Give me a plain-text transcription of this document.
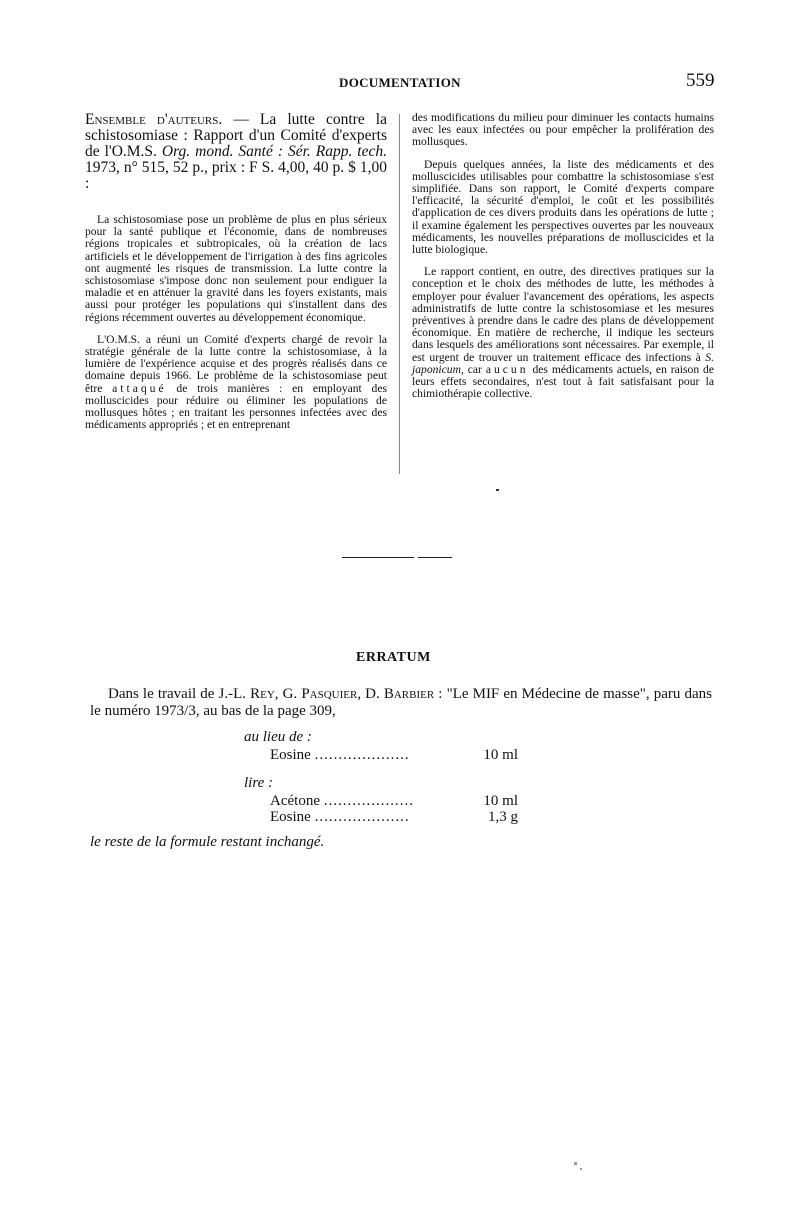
DOCUMENTATION	559

Ensemble d'auteurs. — La lutte contre la schistosomiase : Rapport d'un Comité d'experts de l'O.M.S. Org. mond. Santé : Sér. Rapp. tech. 1973, n° 515, 52 p., prix : F S. 4,00, 40 p. $ 1,00 :

La schistosomiase pose un problème de plus en plus sérieux pour la santé publique et l'économie, dans de nombreuses régions tropicales et subtropicales, où la création de lacs artificiels et le développement de l'irrigation à des fins agricoles ont augmenté les risques de transmission. La lutte contre la schistosomiase s'impose donc non seulement pour endiguer la maladie et en atténuer la gravité dans les foyers existants, mais aussi pour protéger les populations qui s'installent dans des régions récemment ouvertes au développement économique.

L'O.M.S. a réuni un Comité d'experts chargé de revoir la stratégie générale de la lutte contre la schistosomiase, à la lumière de l'expérience acquise et des progrès réalisés dans ce domaine depuis 1966. Le problème de la schistosomiase peut être attaqué de trois manières : en employant des molluscicides pour réduire ou éliminer les populations de mollusques hôtes ; en traitant les personnes infectées avec des médicaments appropriés ; et en entreprenant

des modifications du milieu pour diminuer les contacts humains avec les eaux infectées ou pour empêcher la prolifération des mollusques.

Depuis quelques années, la liste des médicaments et des molluscicides utilisables pour combattre la schistosomiase s'est simplifiée. Dans son rapport, le Comité d'experts compare l'efficacité, la sécurité d'emploi, le coût et les possibilités d'application de ces divers produits dans les opérations de lutte ; il examine également les perspectives ouvertes par les nouveaux médicaments, les nouvelles préparations de molluscicides et la lutte biologique.

Le rapport contient, en outre, des directives pratiques sur la conception et le choix des méthodes de lutte, les méthodes à employer pour évaluer l'avancement des opérations, les aspects administratifs de lutte contre la schistosomiase et les mesures préventives à prendre dans le cadre des plans de développement économique. En matière de recherche, il indique les secteurs dans lesquels des améliorations sont nécessaires. Par exemple, il est urgent de trouver un traitement efficace des infections à S. japonicum, car aucun des médicaments actuels, en raison de leurs effets secondaires, n'est tout à fait satisfaisant pour la chimiothérapie collective.

ERRATUM

Dans le travail de J.-L. Rey, G. Pasquier, D. Barbier : "Le MIF en Médecine de masse", paru dans le numéro 1973/3, au bas de la page 309,

au lieu de :
Eosine ....................	10 ml
lire :
Acétone ...................	10 ml
Eosine ....................	1,3 g
le reste de la formule restant inchangé.
